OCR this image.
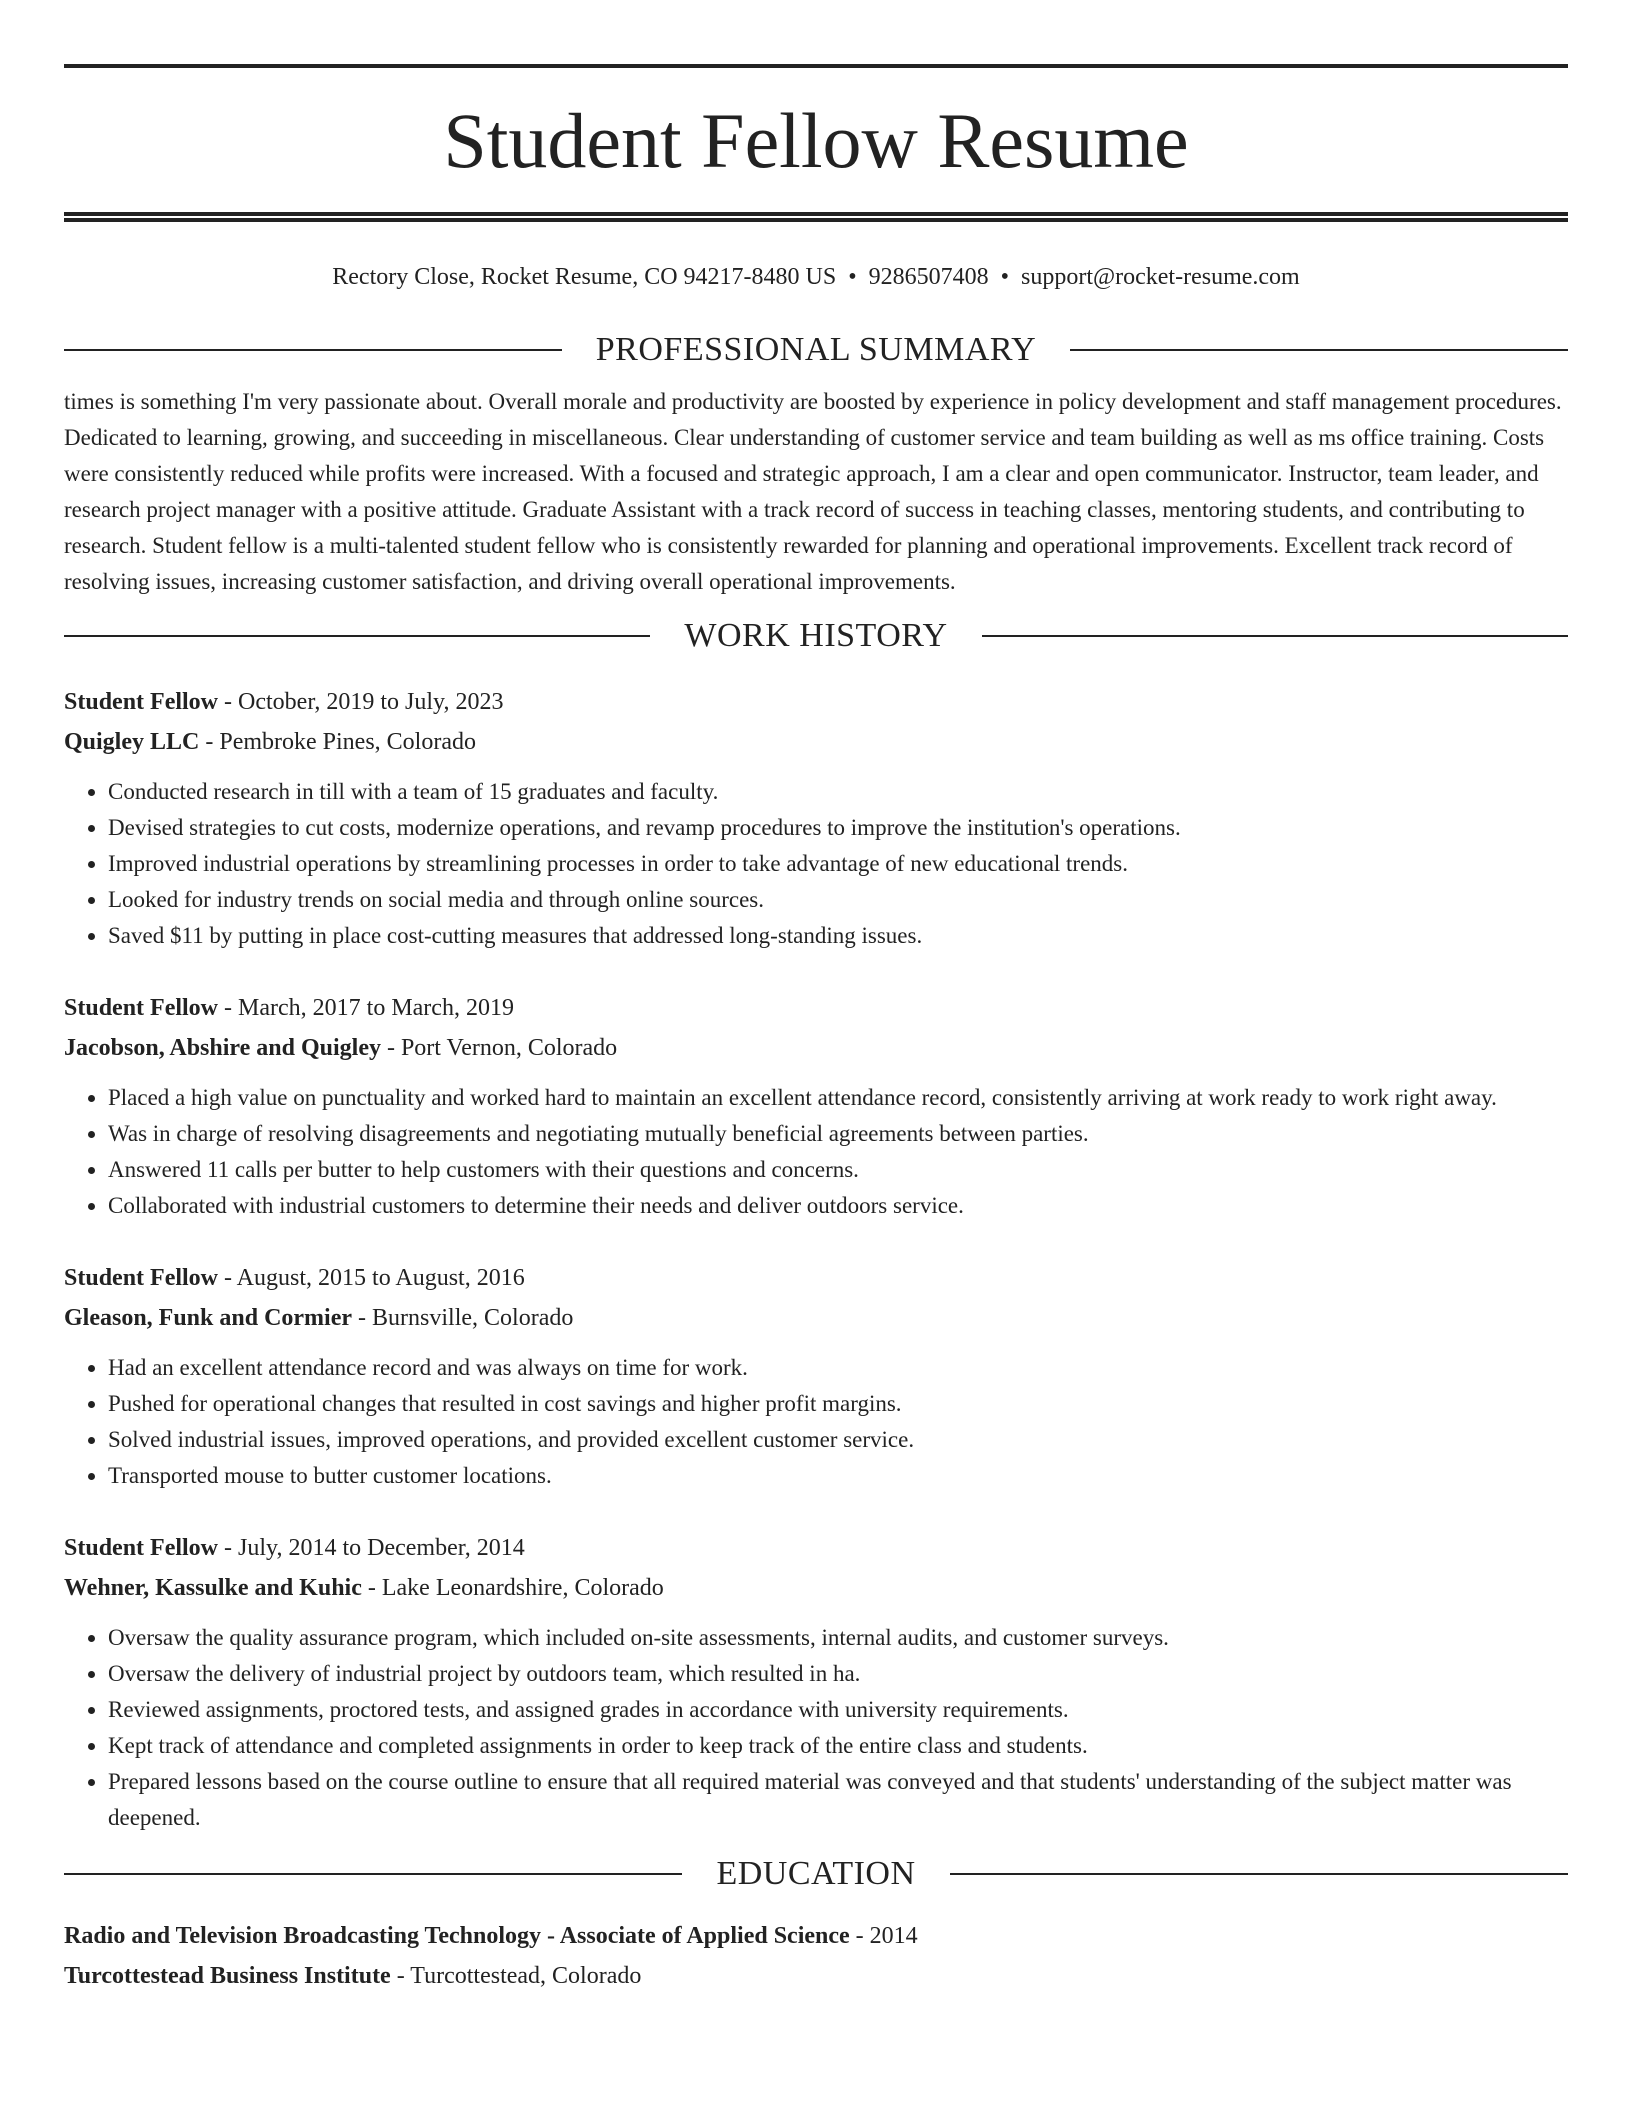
Student Fellow Resume
Rectory Close, Rocket Resume, CO 94217-8480 US • 9286507408 • support@rocket-resume.com
PROFESSIONAL SUMMARY
times is something I'm very passionate about. Overall morale and productivity are boosted by experience in policy development and staff management procedures. Dedicated to learning, growing, and succeeding in miscellaneous. Clear understanding of customer service and team building as well as ms office training. Costs were consistently reduced while profits were increased. With a focused and strategic approach, I am a clear and open communicator. Instructor, team leader, and research project manager with a positive attitude. Graduate Assistant with a track record of success in teaching classes, mentoring students, and contributing to research. Student fellow is a multi-talented student fellow who is consistently rewarded for planning and operational improvements. Excellent track record of resolving issues, increasing customer satisfaction, and driving overall operational improvements.
WORK HISTORY
Student Fellow - October, 2019 to July, 2023
Quigley LLC - Pembroke Pines, Colorado
• Conducted research in till with a team of 15 graduates and faculty.
• Devised strategies to cut costs, modernize operations, and revamp procedures to improve the institution's operations.
• Improved industrial operations by streamlining processes in order to take advantage of new educational trends.
• Looked for industry trends on social media and through online sources.
• Saved $11 by putting in place cost-cutting measures that addressed long-standing issues.
Student Fellow - March, 2017 to March, 2019
Jacobson, Abshire and Quigley - Port Vernon, Colorado
• Placed a high value on punctuality and worked hard to maintain an excellent attendance record, consistently arriving at work ready to work right away.
• Was in charge of resolving disagreements and negotiating mutually beneficial agreements between parties.
• Answered 11 calls per butter to help customers with their questions and concerns.
• Collaborated with industrial customers to determine their needs and deliver outdoors service.
Student Fellow - August, 2015 to August, 2016
Gleason, Funk and Cormier - Burnsville, Colorado
• Had an excellent attendance record and was always on time for work.
• Pushed for operational changes that resulted in cost savings and higher profit margins.
• Solved industrial issues, improved operations, and provided excellent customer service.
• Transported mouse to butter customer locations.
Student Fellow - July, 2014 to December, 2014
Wehner, Kassulke and Kuhic - Lake Leonardshire, Colorado
• Oversaw the quality assurance program, which included on-site assessments, internal audits, and customer surveys.
• Oversaw the delivery of industrial project by outdoors team, which resulted in ha.
• Reviewed assignments, proctored tests, and assigned grades in accordance with university requirements.
• Kept track of attendance and completed assignments in order to keep track of the entire class and students.
• Prepared lessons based on the course outline to ensure that all required material was conveyed and that students' understanding of the subject matter was deepened.
EDUCATION
Radio and Television Broadcasting Technology - Associate of Applied Science - 2014
Turcottestead Business Institute - Turcottestead, Colorado
